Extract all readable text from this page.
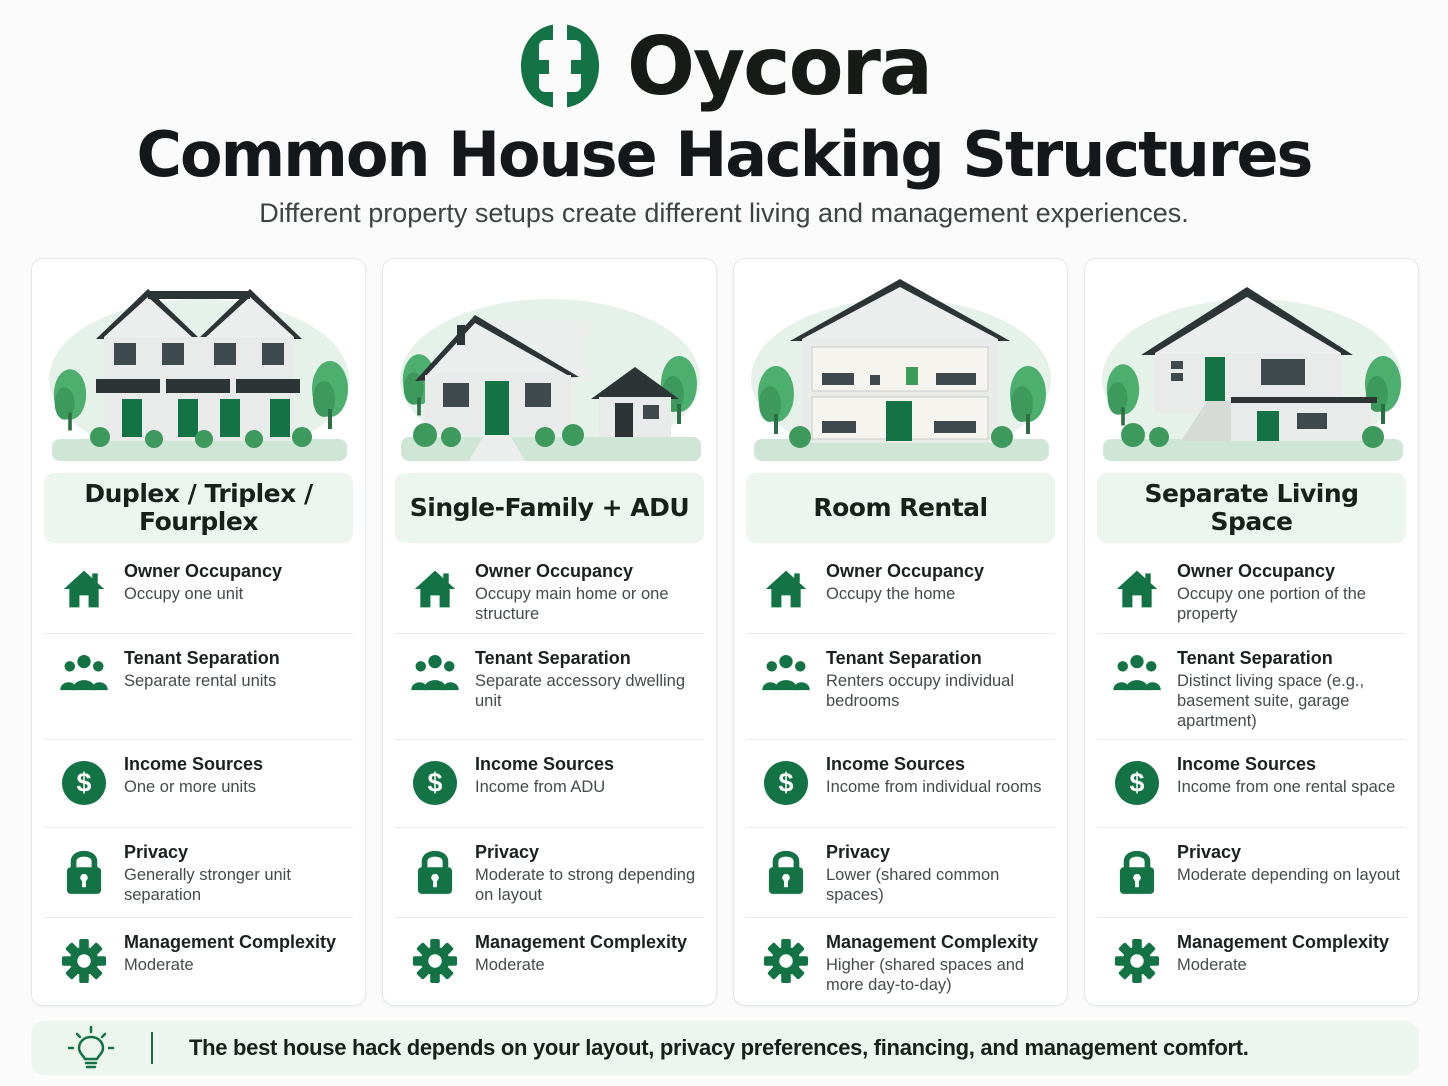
Oycora
Common House Hacking Structures
Different property setups create different living and management experiences.
Duplex / Triplex / Fourplex
Owner Occupancy
Occupy one unit
Tenant Separation
Separate rental units
Income Sources
One or more units
Privacy
Generally stronger unit separation
Management Complexity
Moderate
Single-Family + ADU
Owner Occupancy
Occupy main home or one structure
Tenant Separation
Separate accessory dwelling unit
Income Sources
Income from ADU
Privacy
Moderate to strong depending on layout
Management Complexity
Moderate
Room Rental
Owner Occupancy
Occupy the home
Tenant Separation
Renters occupy individual bedrooms
Income Sources
Income from individual rooms
Privacy
Lower (shared common spaces)
Management Complexity
Higher (shared spaces and more day-to-day)
Separate Living Space
Owner Occupancy
Occupy one portion of the property
Tenant Separation
Distinct living space (e.g., basement suite, garage apartment)
Income Sources
Income from one rental space
Privacy
Moderate depending on layout
Management Complexity
Moderate
The best house hack depends on your layout, privacy preferences, financing, and management comfort.
